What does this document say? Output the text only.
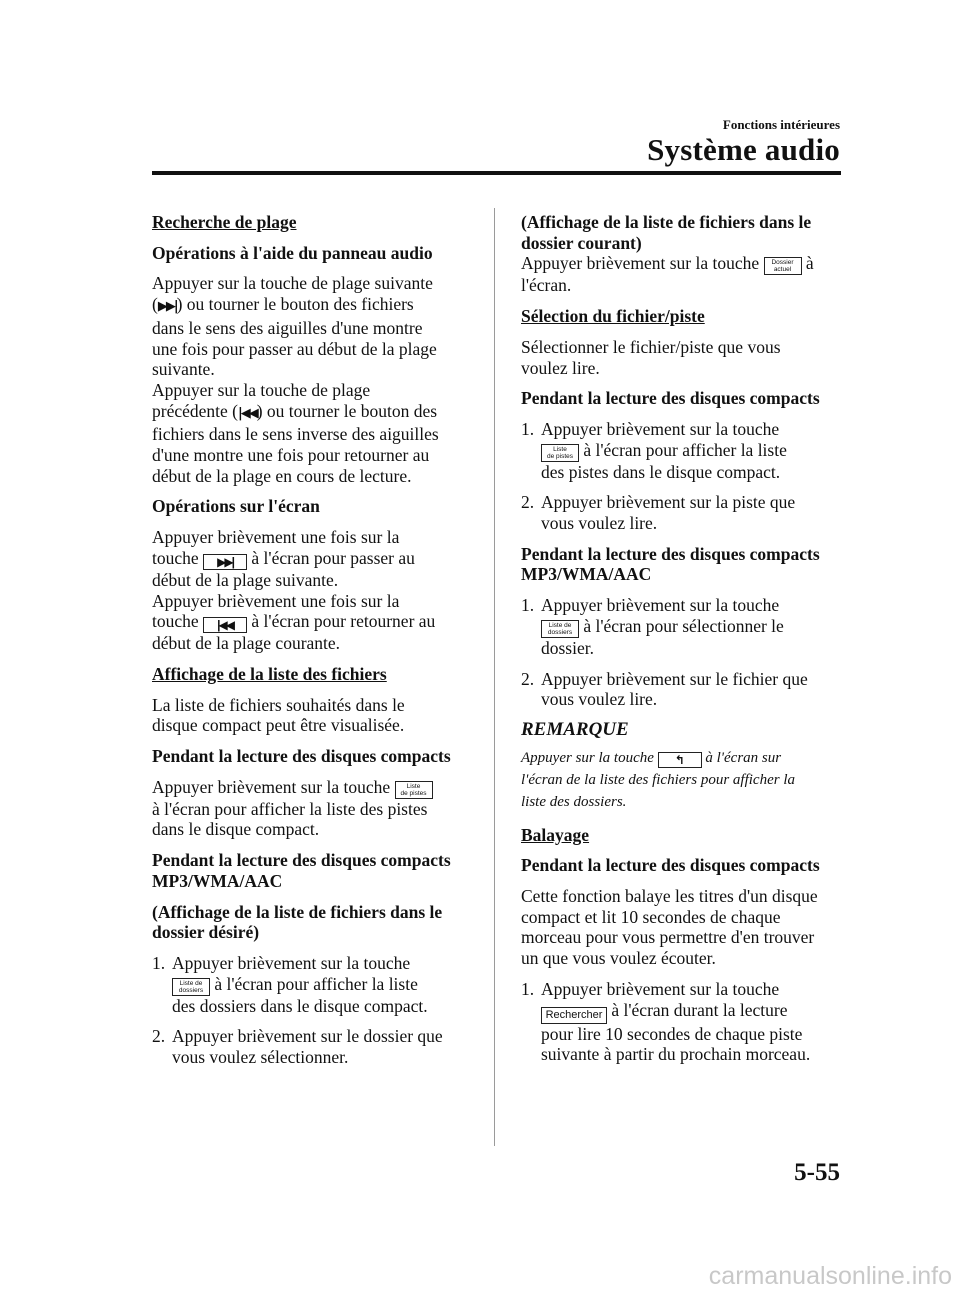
Fonctions intérieures
Système audio
Recherche de plage
Opérations à l'aide du panneau audio

Appuyer sur la touche de plage suivante
(▶▶|) ou tourner le bouton des fichiers
dans le sens des aiguilles d'une montre
une fois pour passer au début de la plage
suivante.
Appuyer sur la touche de plage
précédente (|◀◀) ou tourner le bouton des
fichiers dans le sens inverse des aiguilles
d'une montre une fois pour retourner au
début de la plage en cours de lecture.

Opérations sur l'écran

Appuyer brièvement une fois sur la
touche ▶▶| à l'écran pour passer au
début de la plage suivante.
Appuyer brièvement une fois sur la
touche |◀◀ à l'écran pour retourner au
début de la plage courante.

Affichage de la liste des fichiers

La liste de fichiers souhaités dans le
disque compact peut être visualisée.

Pendant la lecture des disques compacts

Appuyer brièvement sur la touche	Liste
de pistes
à l'écran pour afficher la liste des pistes
dans le disque compact.

Pendant la lecture des disques compacts
MP3/WMA/AAC
(Affichage de la liste de fichiers dans le
dossier désiré)
1. Appuyer brièvement sur la touche
Liste de
dossiers à l'écran pour afficher la liste
des dossiers dans le disque compact.
2. Appuyer brièvement sur le dossier que
vous voulez sélectionner.
(Affichage de la liste de fichiers dans le
dossier courant)

Appuyer brièvement sur la touche	Dossier
actuel à
l'écran.

Sélection du fichier/piste

Sélectionner le fichier/piste que vous
voulez lire.

Pendant la lecture des disques compacts
1. Appuyer brièvement sur la touche
Liste
de pistes à l'écran pour afficher la liste
des pistes dans le disque compact.
2. Appuyer brièvement sur la piste que
vous voulez lire.
Pendant la lecture des disques compacts
MP3/WMA/AAC
1. Appuyer brièvement sur la touche
Liste de
dossiers à l'écran pour sélectionner le
dossier.
2. Appuyer brièvement sur le fichier que
vous voulez lire.
REMARQUE
Appuyer sur la touche ↰ à l'écran sur
l'écran de la liste des fichiers pour afficher la
liste des dossiers.
Balayage
Pendant la lecture des disques compacts

Cette fonction balaye les titres d'un disque
compact et lit 10 secondes de chaque
morceau pour vous permettre d'en trouver
un que vous voulez écouter.

1. Appuyer brièvement sur la touche
Rechercher à l'écran durant la lecture
pour lire 10 secondes de chaque piste
suivante à partir du prochain morceau.
5-55
carmanualsonline.info
